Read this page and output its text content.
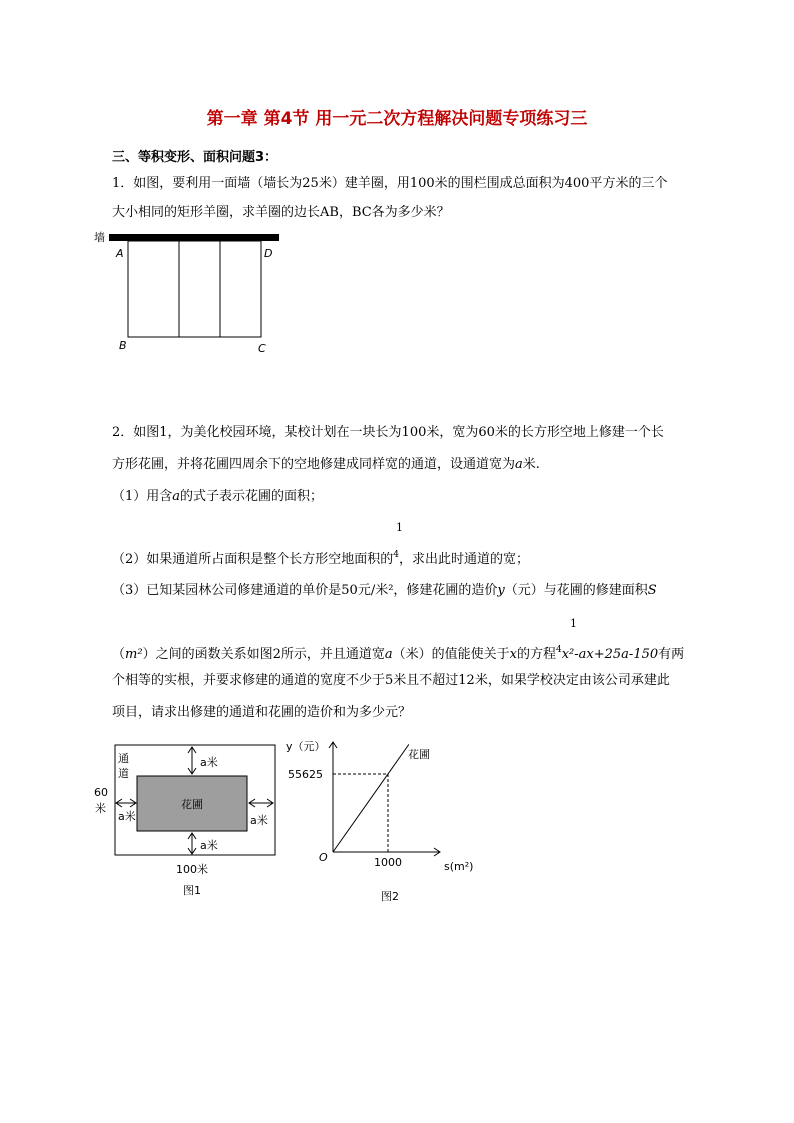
第一章 第4节 用一元二次方程解决问题专项练习三
三、等积变形、面积问题3：
1．如图，要利用一面墙（墙长为25米）建羊圈，用100米的围栏围成总面积为400平方米的三个
大小相同的矩形羊圈，求羊圈的边长AB，BC各为多少米？
墙
A	D
B	C
2．如图1，为美化校园环境，某校计划在一块长为100米，宽为60米的长方形空地上修建一个长
方形花圃，并将花圃四周余下的空地修建成同样宽的通道，设通道宽为a米.
（1）用含a的式子表示花圃的面积；
1
（2）如果通道所占面积是整个长方形空地面积的$^4$，求出此时通道的宽；
（3）已知某园林公司修建通道的单价是50元/米²，修建花圃的造价y（元）与花圃的修建面积S
1
（m²）之间的函数关系如图2所示，并且通道宽a（米）的值能使关于x的方程$^4$x²-ax+25a-150有两
个相等的实根，并要求修建的通道的宽度不少于5米且不超过12米，如果学校决定由该公司承建此
项目，请求出修建的通道和花圃的造价和为多少元？
花圃
通
道
a米
a米
a米	a米
60
米
100米
图1
y（元）
s(m²)
O
55625
1000
花圃
图2
